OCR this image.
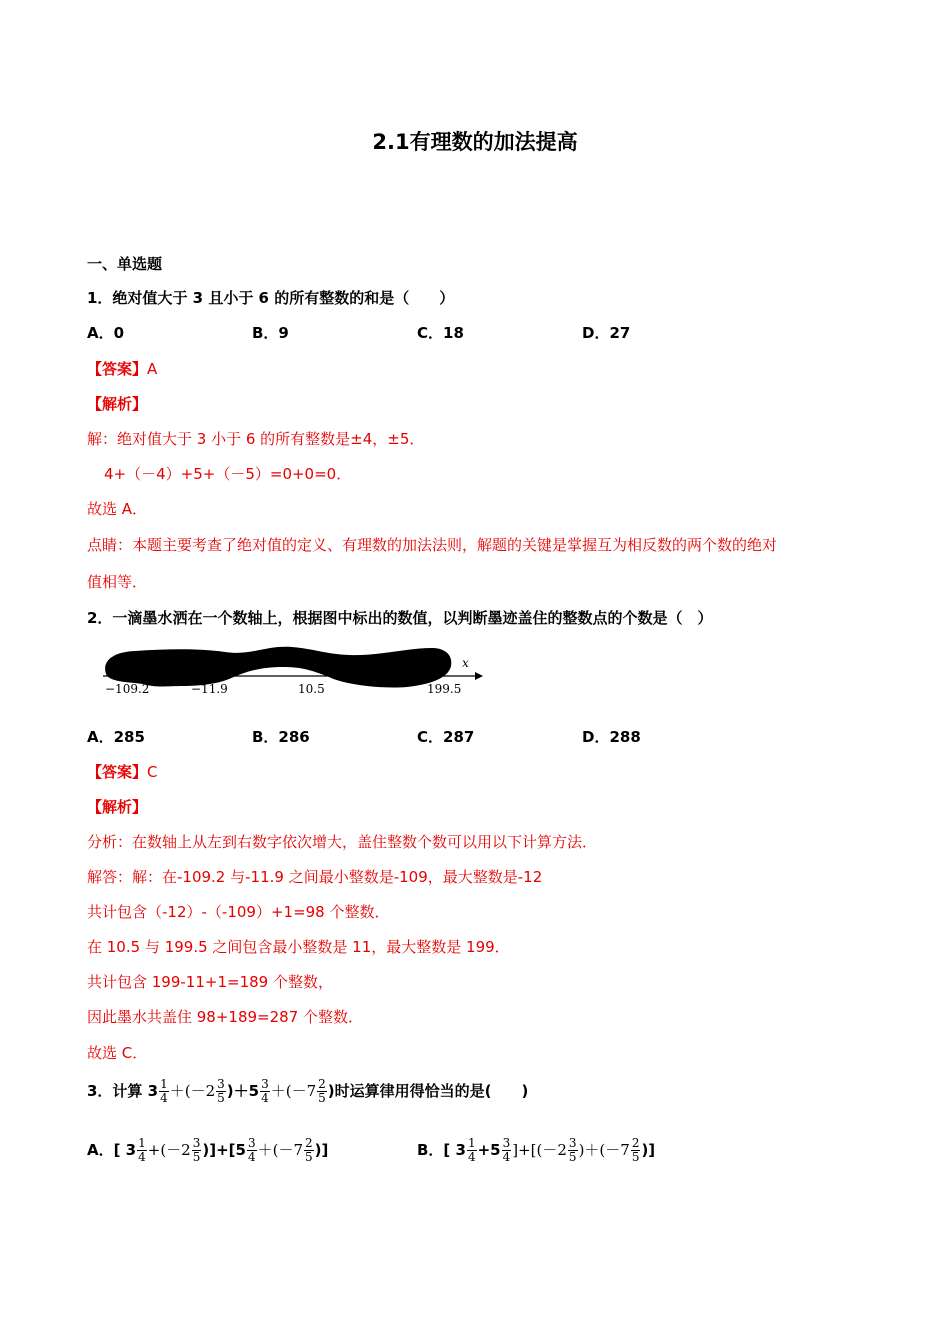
2.1有理数的加法提高
一、单选题
1．绝对值大于 3 且小于 6 的所有整数的和是（　　）
A．0	B．9	C．18	D．27
【答案】A
【解析】
解：绝对值大于 3 小于 6 的所有整数是±4，±5．
4+（－4）+5+（－5）=0+0=0．
故选 A．
点睛：本题主要考查了绝对值的定义、有理数的加法法则，解题的关键是掌握互为相反数的两个数的绝对
值相等．
2．一滴墨水洒在一个数轴上，根据图中标出的数值，以判断墨迹盖住的整数点的个数是（　）
x
−109.2	−11.9	10.5	199.5
A．285	B．286	C．287	D．288
【答案】C
【解析】
分析：在数轴上从左到右数字依次增大，盖住整数个数可以用以下计算方法．
解答：解：在-109.2 与-11.9 之间最小整数是-109，最大整数是-12
共计包含（-12）-（-109）+1=98 个整数．
在 10.5 与 199.5 之间包含最小整数是 11，最大整数是 199．
共计包含 199-11+1=189 个整数，
因此墨水共盖住 98+189=287 个整数．
故选 C．
3．计算 $3 \frac{1}{4} +(-2 \frac{3}{5} )+5 \frac{3}{4} +(-7 \frac{2}{5}$ )时运算律用得恰当的是(　　)
A．[ $3 \frac{1}{4} +(-2 \frac{3}{5} )]+[5 \frac{3}{4} +(-7 \frac{2}{5}$ )]	B．[ $3 \frac{1}{4} +5 \frac{3}{4} ]+[(-2 \frac{3}{5} )+(-7 \frac{2}{5}$ )]
